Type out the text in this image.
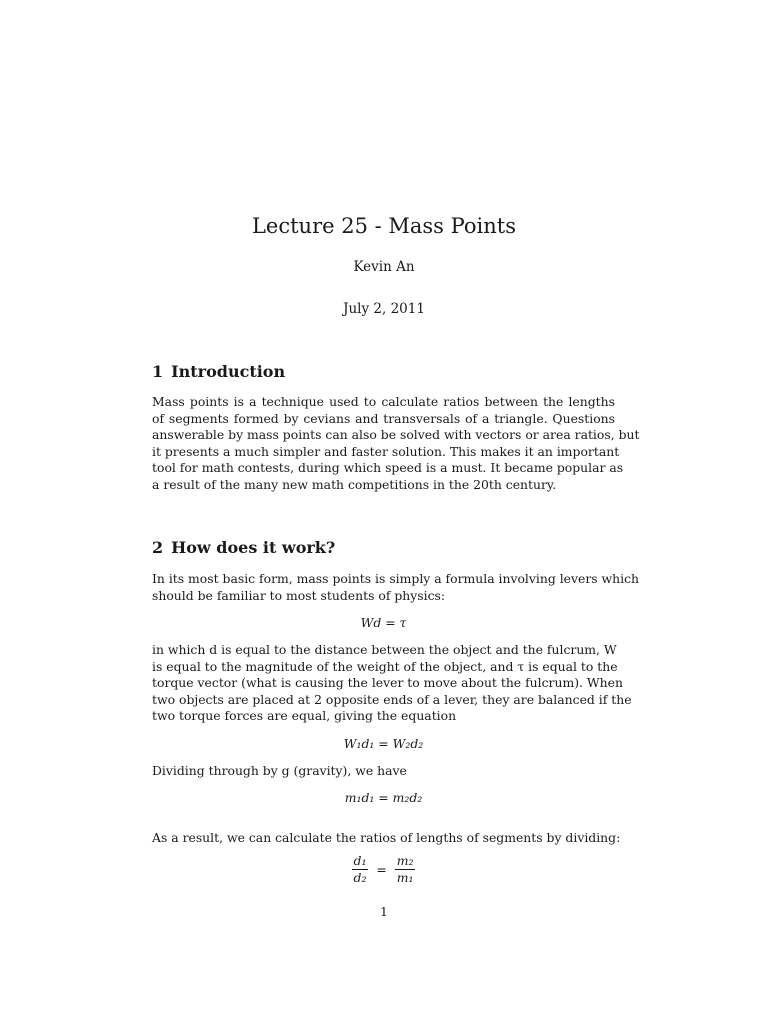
Lecture 25 - Mass Points
Kevin An
July 2, 2011
1 Introduction
Mass points is a technique used to calculate ratios between the lengths
of segments formed by cevians and transversals of a triangle. Questions
answerable by mass points can also be solved with vectors or area ratios, but
it presents a much simpler and faster solution. This makes it an important
tool for math contests, during which speed is a must. It became popular as
a result of the many new math competitions in the 20th century.
2 How does it work?
In its most basic form, mass points is simply a formula involving levers which
should be familiar to most students of physics:
Wd = τ
in which d is equal to the distance between the object and the fulcrum, W
is equal to the magnitude of the weight of the object, and τ is equal to the
torque vector (what is causing the lever to move about the fulcrum). When
two objects are placed at 2 opposite ends of a lever, they are balanced if the
two torque forces are equal, giving the equation
W₁d₁ = W₂d₂
Dividing through by g (gravity), we have
m₁d₁ = m₂d₂
As a result, we can calculate the ratios of lengths of segments by dividing:
$\frac{\text{d₁}}{\text{d₂}} = \frac{\text{m₂}}{\text{m₁}}$
1
